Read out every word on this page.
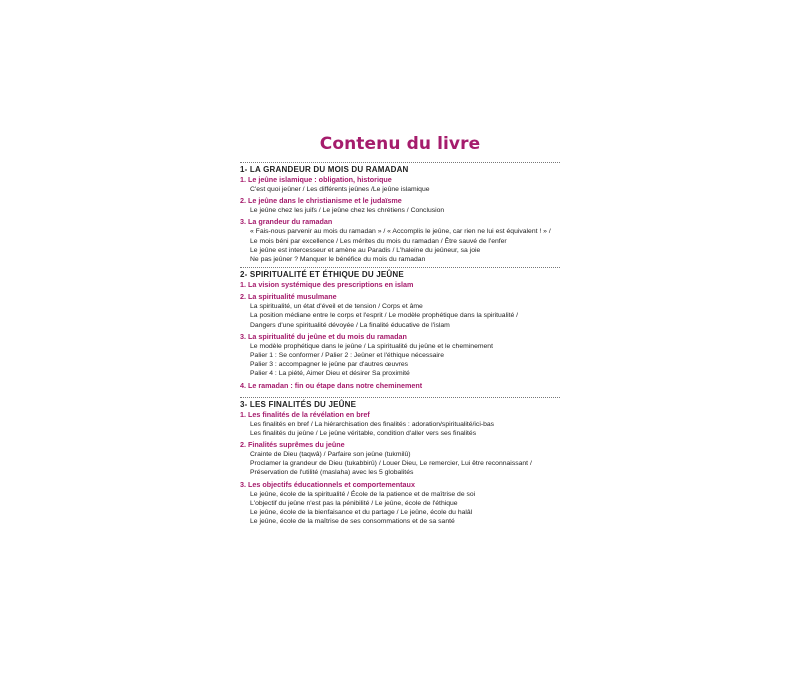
Contenu du livre
1- LA GRANDEUR DU MOIS DU RAMADAN
1. Le jeûne islamique : obligation, historique
C'est quoi jeûner / Les différents jeûnes /Le jeûne islamique
2. Le jeûne dans le christianisme et le judaïsme
Le jeûne chez les juifs / Le jeûne chez les chrétiens / Conclusion
3. La grandeur du ramadan
« Fais-nous parvenir au mois du ramadan » / « Accomplis le jeûne, car rien ne lui est équivalent ! » /
Le mois béni par excellence / Les mérites du mois du ramadan / Être sauvé de l'enfer
Le jeûne est intercesseur et amène au Paradis / L'haleine du jeûneur, sa joie
Ne pas jeûner ? Manquer le bénéfice du mois du ramadan
2- SPIRITUALITÉ ET ÉTHIQUE DU JEÛNE
1. La vision systémique des prescriptions en islam
2. La spiritualité musulmane
La spiritualité, un état d'éveil et de tension / Corps et âme
La position médiane entre le corps et l'esprit / Le modèle prophétique dans la spiritualité /
Dangers d'une spiritualité dévoyée / La finalité éducative de l'islam
3. La spiritualité du jeûne et du mois du ramadan
Le modèle prophétique dans le jeûne / La spiritualité du jeûne et le cheminement
Palier 1 : Se conformer / Palier 2 : Jeûner et l'éthique nécessaire
Palier 3 : accompagner le jeûne par d'autres œuvres
Palier 4 : La piété, Aimer Dieu et désirer Sa proximité
4. Le ramadan : fin ou étape dans notre cheminement
3- LES FINALITÉS DU JEÛNE
1. Les finalités de la révélation en bref
Les finalités en bref / La hiérarchisation des finalités : adoration/spiritualité/ici-bas
Les finalités du jeûne / Le jeûne véritable, condition d'aller vers ses finalités
2. Finalités suprêmes du jeûne
Crainte de Dieu (taqwâ) / Parfaire son jeûne (tukmilû)
Proclamer la grandeur de Dieu (tukabbirû) / Louer Dieu, Le remercier, Lui être reconnaissant /
Préservation de l'utilité (maslaha) avec les 5 globalités
3. Les objectifs éducationnels et comportementaux
Le jeûne, école de la spiritualité / École de la patience et de maîtrise de soi
L'objectif du jeûne n'est pas la pénibilité / Le jeûne, école de l'éthique
Le jeûne, école de la bienfaisance et du partage / Le jeûne, école du halâl
Le jeûne, école de la maîtrise de ses consommations et de sa santé
